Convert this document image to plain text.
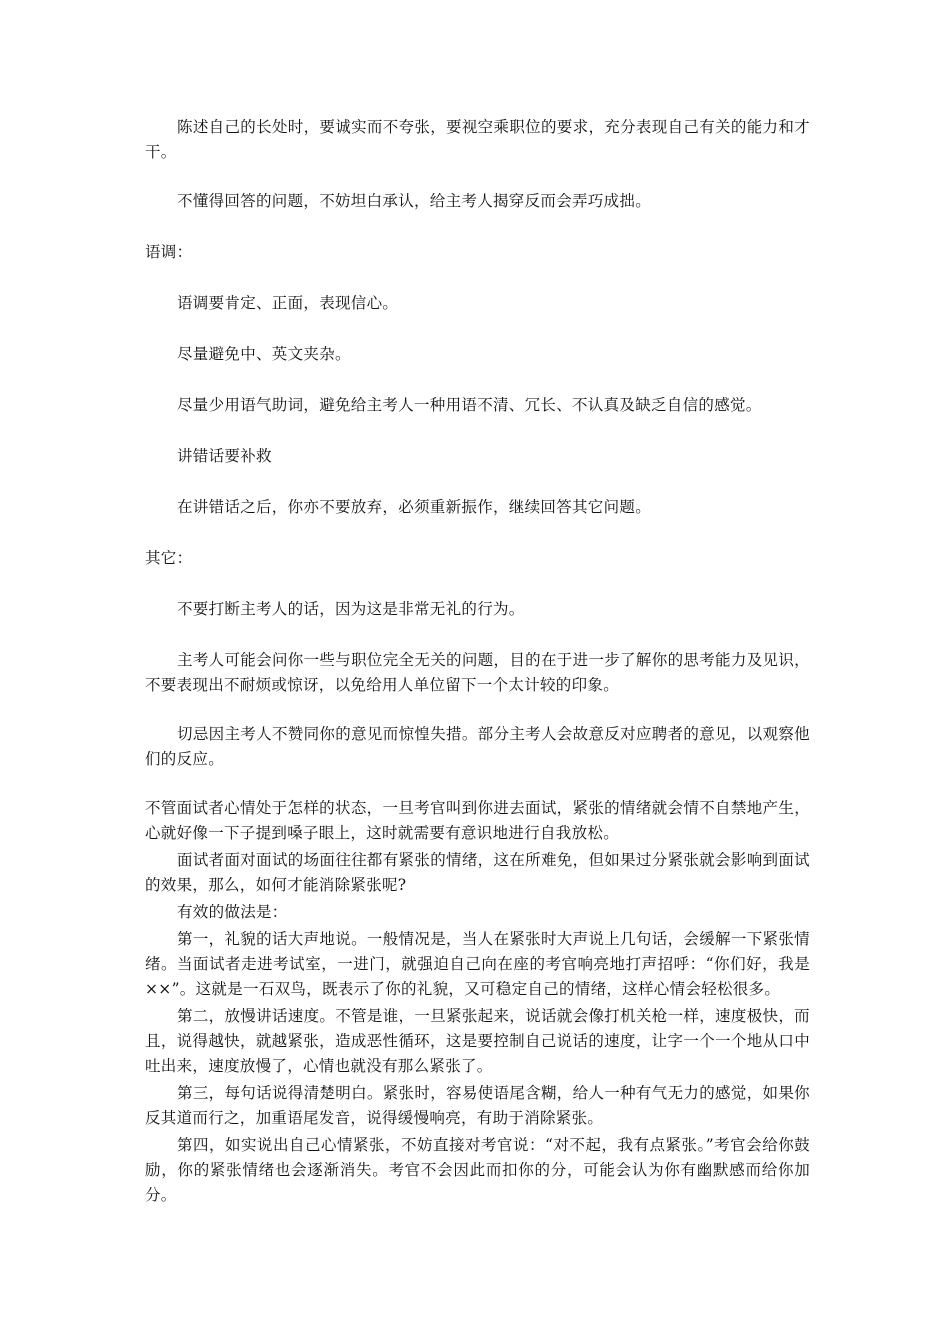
陈述自己的长处时，要诚实而不夸张，要视空乘职位的要求，充分表现自己有关的能力和才干。

不懂得回答的问题，不妨坦白承认，给主考人揭穿反而会弄巧成拙。

语调：

语调要肯定、正面，表现信心。

尽量避免中、英文夹杂。

尽量少用语气助词，避免给主考人一种用语不清、冗长、不认真及缺乏自信的感觉。

讲错话要补救

在讲错话之后，你亦不要放弃，必须重新振作，继续回答其它问题。

其它：

不要打断主考人的话，因为这是非常无礼的行为。

主考人可能会问你一些与职位完全无关的问题，目的在于进一步了解你的思考能力及见识，不要表现出不耐烦或惊讶，以免给用人单位留下一个太计较的印象。

切忌因主考人不赞同你的意见而惊惶失措。部分主考人会故意反对应聘者的意见，以观察他们的反应。

不管面试者心情处于怎样的状态，一旦考官叫到你进去面试，紧张的情绪就会情不自禁地产生，心就好像一下子提到嗓子眼上，这时就需要有意识地进行自我放松。

面试者面对面试的场面往往都有紧张的情绪，这在所难免，但如果过分紧张就会影响到面试的效果，那么，如何才能消除紧张呢?

有效的做法是：

第一，礼貌的话大声地说。一般情况是，当人在紧张时大声说上几句话，会缓解一下紧张情绪。当面试者走进考试室，一进门，就强迫自己向在座的考官响亮地打声招呼：“你们好，我是××”。这就是一石双鸟，既表示了你的礼貌，又可稳定自己的情绪，这样心情会轻松很多。

第二，放慢讲话速度。不管是谁，一旦紧张起来，说话就会像打机关枪一样，速度极快，而且，说得越快，就越紧张，造成恶性循环，这是要控制自己说话的速度，让字一个一个地从口中吐出来，速度放慢了，心情也就没有那么紧张了。

第三，每句话说得清楚明白。紧张时，容易使语尾含糊，给人一种有气无力的感觉，如果你反其道而行之，加重语尾发音，说得缓慢响亮，有助于消除紧张。

第四，如实说出自己心情紧张，不妨直接对考官说：“对不起，我有点紧张。”考官会给你鼓励，你的紧张情绪也会逐渐消失。考官不会因此而扣你的分，可能会认为你有幽默感而给你加分。
